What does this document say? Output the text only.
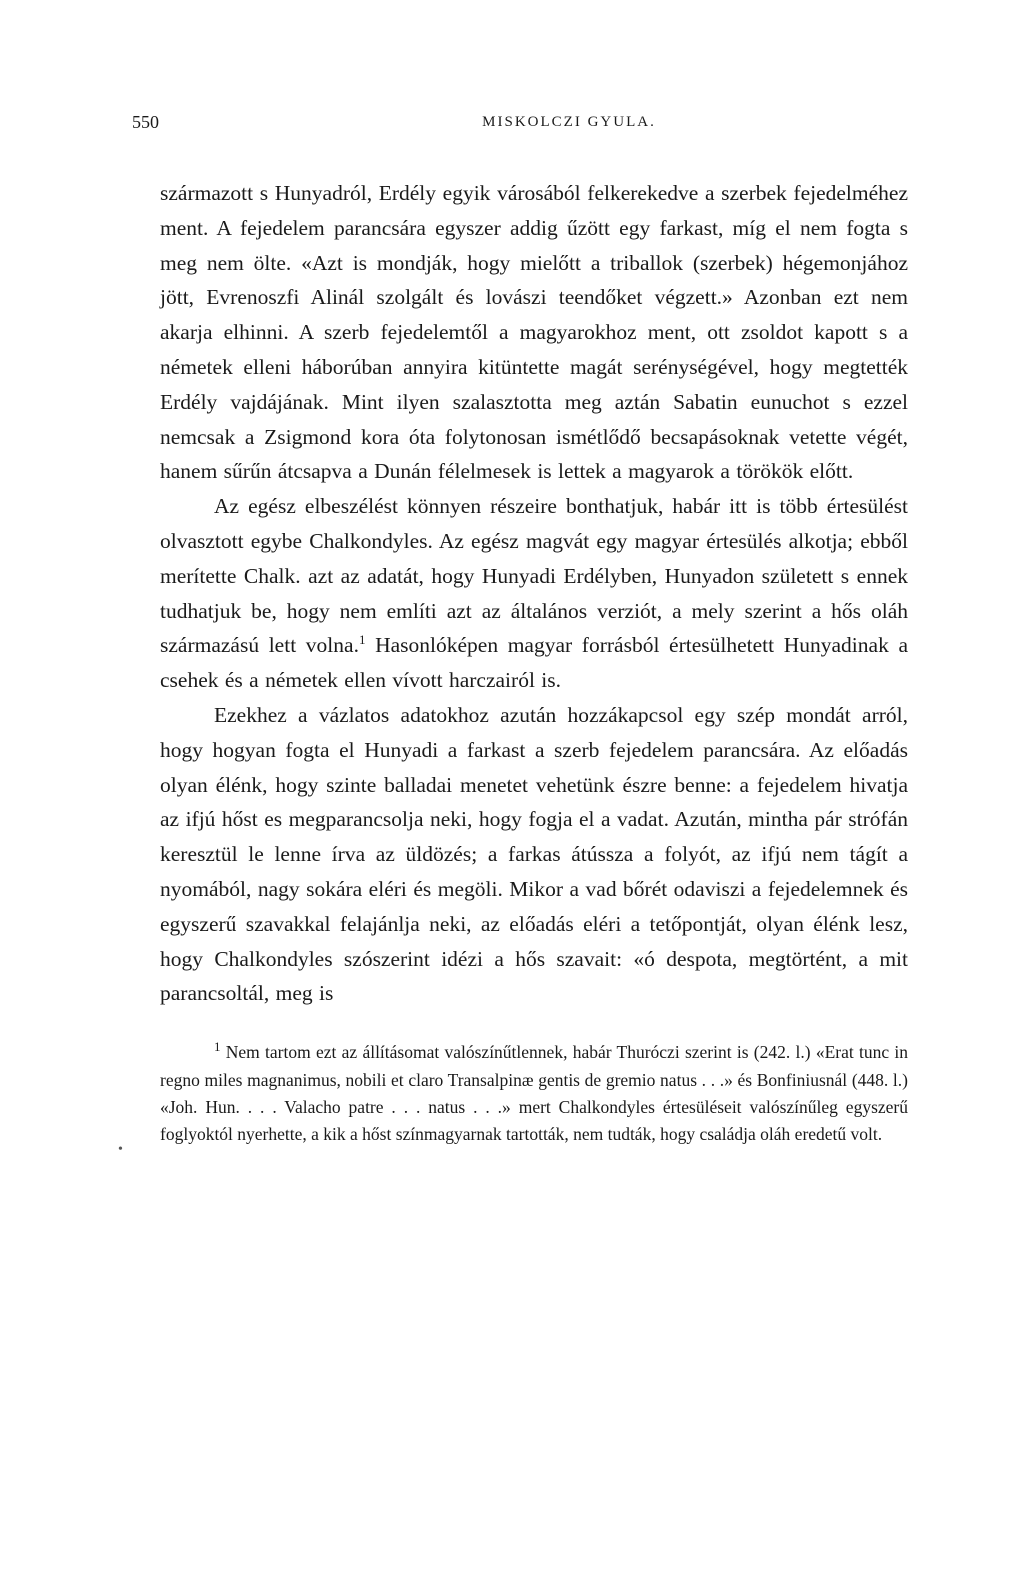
550	MISKOLCZI GYULA.

származott s Hunyadról, Erdély egyik városából felkerekedve a szerbek fejedelméhez ment. A fejedelem parancsára egyszer addig űzött egy farkast, míg el nem fogta s meg nem ölte. «Azt is mondják, hogy mielőtt a triballok (szerbek) hégemonjához jött, Evrenoszfi Alinál szolgált és lovászi teendőket végzett.» Azonban ezt nem akarja elhinni. A szerb fejedelemtől a magyarokhoz ment, ott zsoldot kapott s a németek elleni háborúban annyira kitüntette magát serénységével, hogy megtették Erdély vajdájának. Mint ilyen szalasztotta meg aztán Sabatin eunuchot s ezzel nemcsak a Zsigmond kora óta folytonosan ismétlődő becsapásoknak vetette végét, hanem sűrűn átcsapva a Dunán félelmesek is lettek a magyarok a törökök előtt.

Az egész elbeszélést könnyen részeire bonthatjuk, habár itt is több értesülést olvasztott egybe Chalkondyles. Az egész magvát egy magyar értesülés alkotja; ebből merítette Chalk. azt az adatát, hogy Hunyadi Erdélyben, Hunyadon született s ennek tudhatjuk be, hogy nem említi azt az általános verziót, a mely szerint a hős oláh származású lett volna.$^1$ Hasonlóképen magyar forrásból értesülhetett Hunyadinak a csehek és a németek ellen vívott harczairól is.

Ezekhez a vázlatos adatokhoz azután hozzákapcsol egy szép mondát arról, hogy hogyan fogta el Hunyadi a farkast a szerb fejedelem parancsára. Az előadás olyan élénk, hogy szinte balladai menetet vehetünk észre benne: a fejedelem hivatja az ifjú hőst es megparancsolja neki, hogy fogja el a vadat. Azután, mintha pár strófán keresztül le lenne írva az üldözés; a farkas átússza a folyót, az ifjú nem tágít a nyomából, nagy sokára eléri és megöli. Mikor a vad bőrét odaviszi a fejedelemnek és egyszerű szavakkal felajánlja neki, az előadás eléri a tetőpontját, olyan élénk lesz, hogy Chalkondyles szószerint idézi a hős szavait: «ó despota, megtörtént, a mit parancsoltál, meg is

$^1$ Nem tartom ezt az állításomat valószínűtlennek, habár Thuróczi szerint is (242. l.) «Erat tunc in regno miles magnanimus, nobili et claro Transalpinæ gentis de gremio natus . . .» és Bonfiniusnál (448. l.) «Joh. Hun. . . . Valacho patre . . . natus . . .» mert Chalkondyles értesüléseit valószínűleg egyszerű foglyoktól nyerhette, a kik a hőst színmagyarnak tartották, nem tudták, hogy családja oláh eredetű volt.

•
